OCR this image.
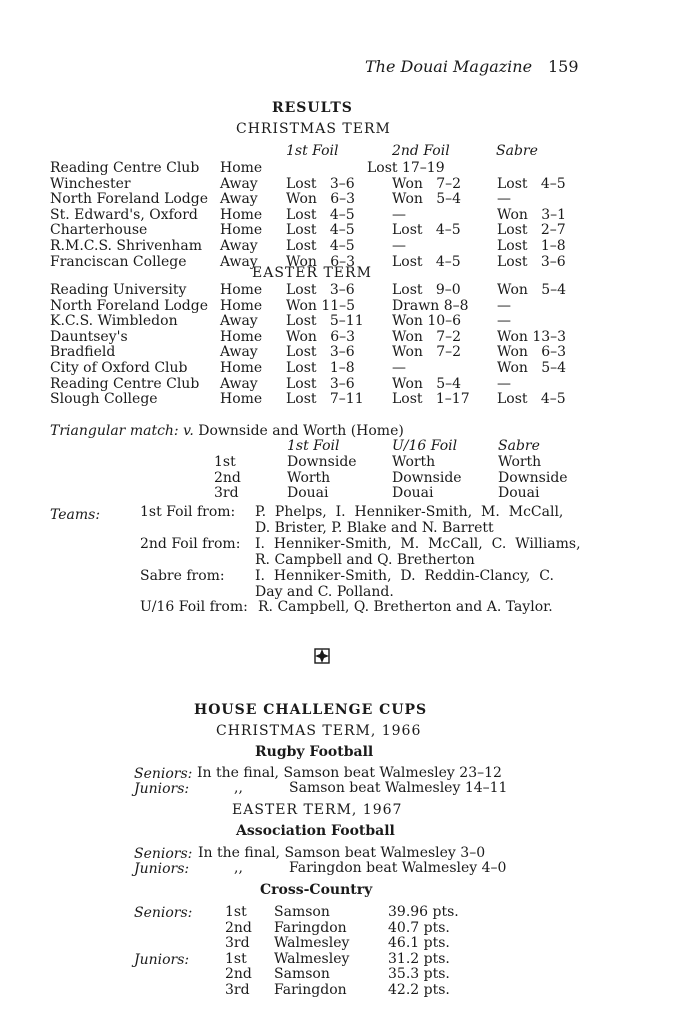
The Douai Magazine 159
RESULTS
CHRISTMAS TERM
1st Foil	2nd Foil	Sabre
Reading Centre Club Home	Lost 17–19
Winchester	Away Lost   3–6	Won   7–2	Lost   4–5
North Foreland Lodge Away Won   6–3	Won   5–4	—
St. Edward's, Oxford Home Lost   4–5	—	Won   3–1
Charterhouse	Home Lost   4–5	Lost   4–5	Lost   2–7
R.M.C.S. Shrivenham Away Lost   4–5	—	Lost   1–8
Franciscan College Away Won   6–3	Lost   4–5	Lost   3–6
EASTER TERM
Reading University Home Lost   3–6	Lost   9–0	Won   5–4
North Foreland Lodge Home Won 11–5	Drawn 8–8 —
K.C.S. Wimbledon	Away Lost   5–11 Won 10–6	—
Dauntsey's	Home Won   6–3	Won   7–2	Won 13–3
Bradfield	Away Lost   3–6	Won   7–2	Won   6–3
City of Oxford Club Home Lost   1–8	—	Won   5–4
Reading Centre Club Away Lost   3–6	Won   5–4	—
Slough College	Home Lost   7–11 Lost   1–17 Lost   4–5
Triangular match: v. Downside and Worth (Home)
1st Foil	U/16 Foil	Sabre
1st	Downside	Worth	Worth
2nd	Worth	Downside	Downside
3rd	Douai	Douai	Douai
Teams:	1st Foil from: P.  Phelps,  I.  Henniker-Smith,  M.  McCall,
D. Brister, P. Blake and N. Barrett
2nd Foil from: I.  Henniker-Smith,  M.  McCall,  C.  Williams,
R. Campbell and Q. Bretherton
Sabre from: I.  Henniker-Smith,  D.  Reddin-Clancy,  C.
Day and C. Polland.
U/16 Foil from: R. Campbell, Q. Bretherton and A. Taylor.
HOUSE CHALLENGE CUPS
CHRISTMAS TERM, 1966
Rugby Football
Seniors: In the final, Samson beat Walmesley 23–12
Juniors:	,,	Samson beat Walmesley 14–11
EASTER TERM, 1967
Association Football
Seniors: In the final, Samson beat Walmesley 3–0
Juniors:	,,	Faringdon beat Walmesley 4–0
Cross-Country
Seniors:
Juniors:
1st Samson	39.96 pts.
2nd Faringdon	40.7 pts.
3rd Walmesley	46.1 pts.
1st Walmesley	31.2 pts.
2nd Samson	35.3 pts.
3rd Faringdon	42.2 pts.
